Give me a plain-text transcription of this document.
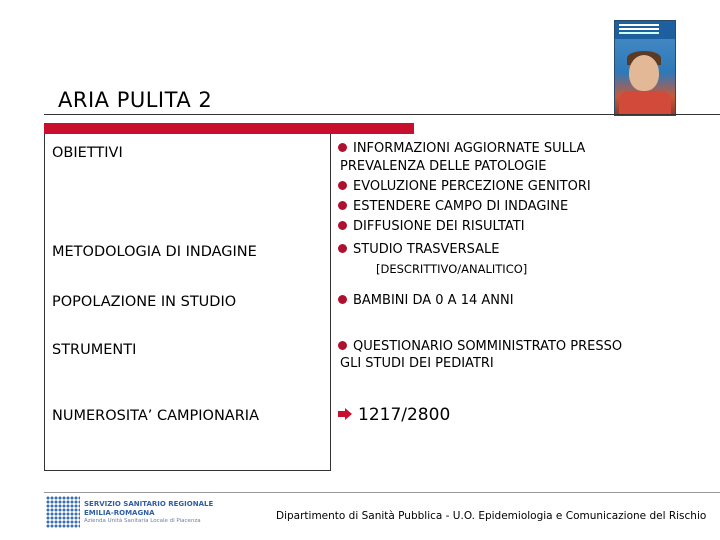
ARIA PULITA 2
OBIETTIVI
METODOLOGIA DI INDAGINE
POPOLAZIONE IN STUDIO
STRUMENTI
NUMEROSITA’ CAMPIONARIA
INFORMAZIONI AGGIORNATE SULLA
PREVALENZA DELLE PATOLOGIE
EVOLUZIONE PERCEZIONE GENITORI
ESTENDERE CAMPO DI INDAGINE
DIFFUSIONE DEI RISULTATI
STUDIO TRASVERSALE
[DESCRITTIVO/ANALITICO]
BAMBINI DA 0 A 14 ANNI
QUESTIONARIO SOMMINISTRATO PRESSO
GLI STUDI DEI PEDIATRI
1217/2800
SERVIZIO SANITARIO REGIONALE
EMILIA-ROMAGNA
Azienda Unità Sanitaria Locale di Piacenza	Dipartimento di Sanità Pubblica - U.O. Epidemiologia e Comunicazione del Rischio
